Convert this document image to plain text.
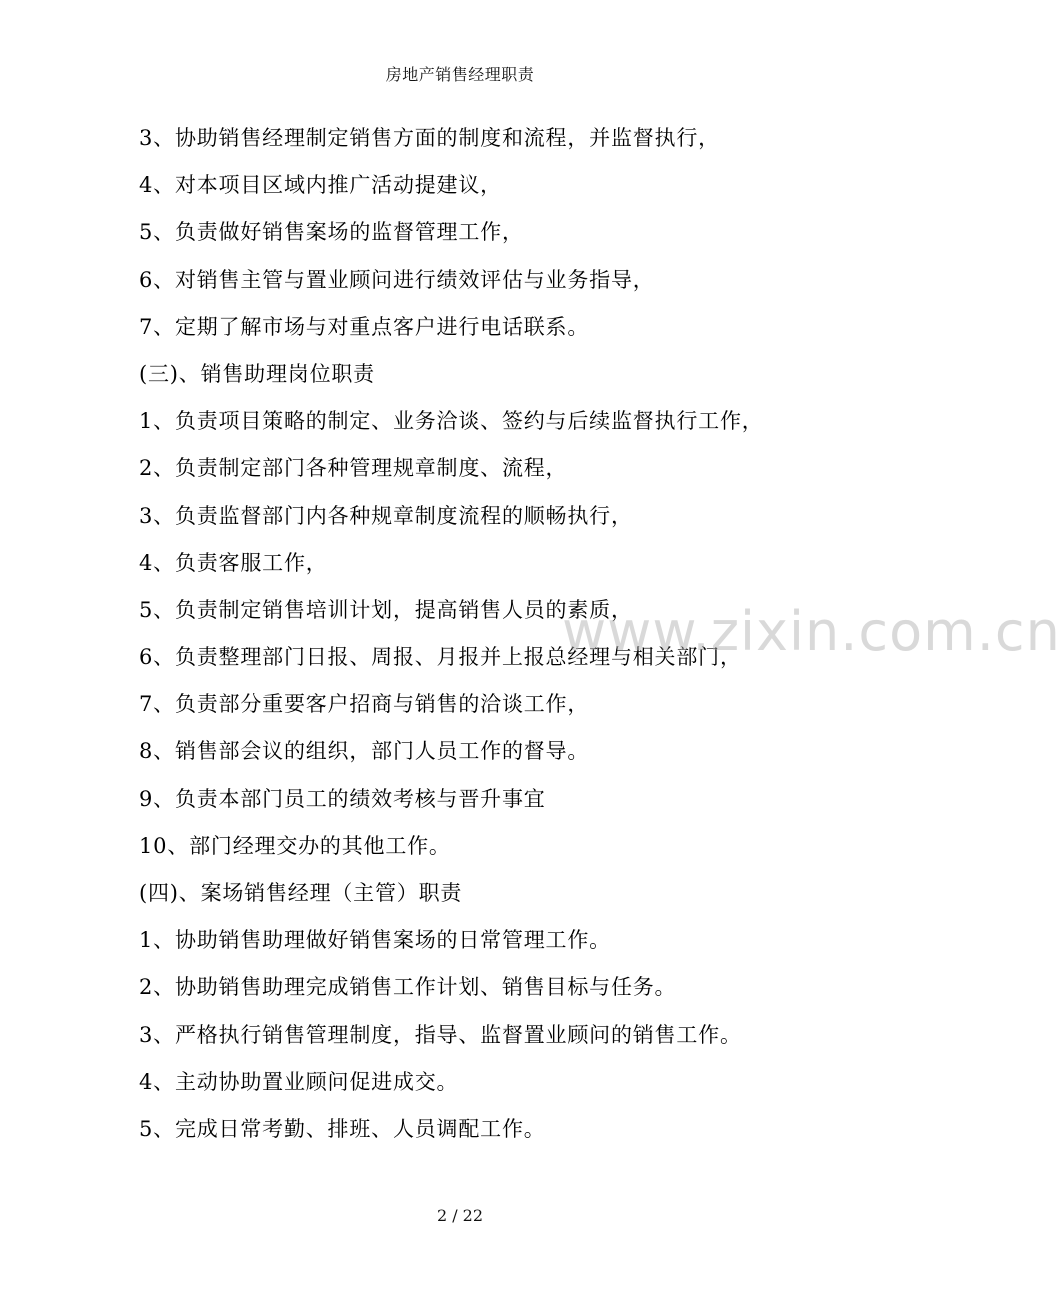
房地产销售经理职责
3、协助销售经理制定销售方面的制度和流程，并监督执行，
4、对本项目区域内推广活动提建议，
5、负责做好销售案场的监督管理工作，
6、对销售主管与置业顾问进行绩效评估与业务指导，
7、定期了解市场与对重点客户进行电话联系。
(三)、销售助理岗位职责
1、负责项目策略的制定、业务洽谈、签约与后续监督执行工作，
2、负责制定部门各种管理规章制度、流程，
3、负责监督部门内各种规章制度流程的顺畅执行，
4、负责客服工作，
5、负责制定销售培训计划，提高销售人员的素质，
6、负责整理部门日报、周报、月报并上报总经理与相关部门，
7、负责部分重要客户招商与销售的洽谈工作，
8、销售部会议的组织，部门人员工作的督导。
9、负责本部门员工的绩效考核与晋升事宜
10、部门经理交办的其他工作。
(四)、案场销售经理（主管）职责
1、协助销售助理做好销售案场的日常管理工作。
2、协助销售助理完成销售工作计划、销售目标与任务。
3、严格执行销售管理制度，指导、监督置业顾问的销售工作。
4、主动协助置业顾问促进成交。
5、完成日常考勤、排班、人员调配工作。
www.zixin.com.cn
2 / 22
